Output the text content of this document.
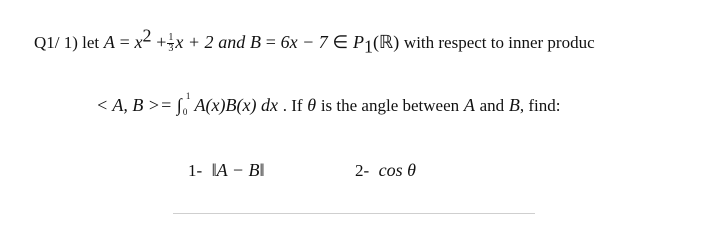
Q1/ 1) let $A = x^2 + \frac{1}{3}$ x + 2 and B = 6x − 7 ∈ $P_1(ℝ)$ with respect to inner produc
< A, B >= ∫ 1
0 A(x)B(x) dx . If θ is the angle between A and B, find:
1- ‖A − B‖	2- cos θ
